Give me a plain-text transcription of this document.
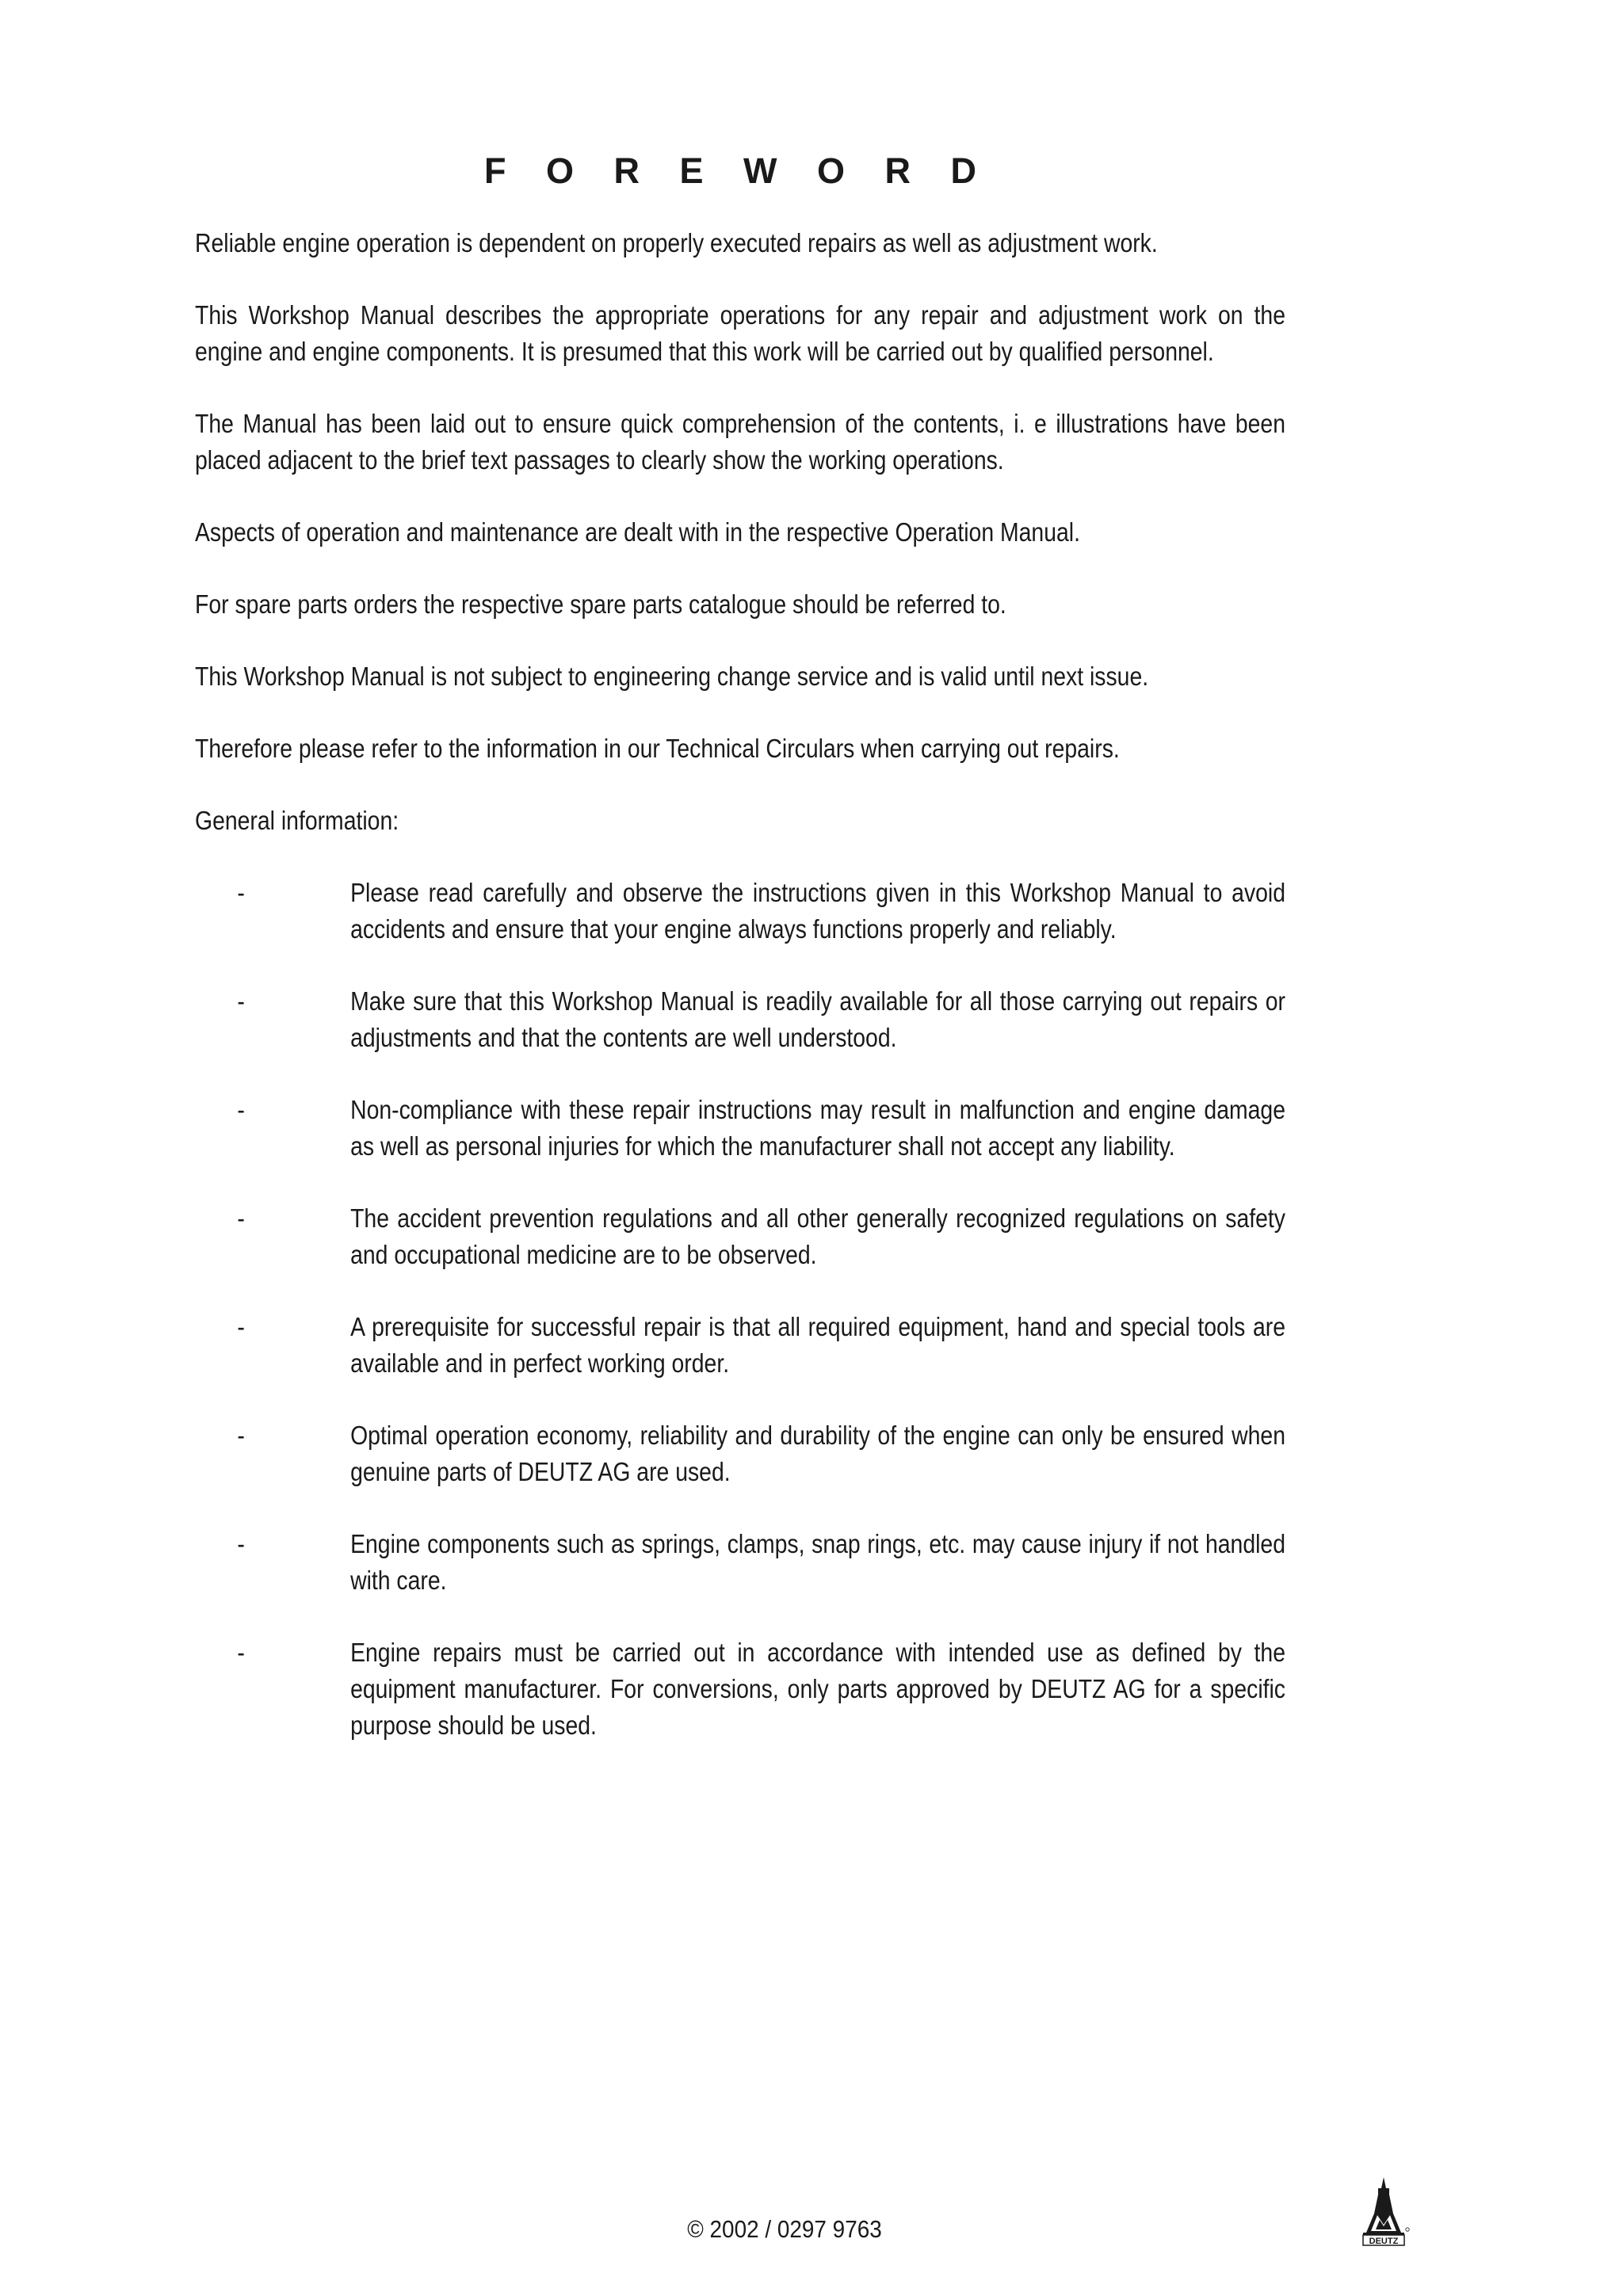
F O R E W O R D

Reliable engine operation is dependent on properly executed repairs as well as adjustment work.

This Workshop Manual describes the appropriate operations for any repair and adjustment work on the engine and engine components. It is presumed that this work will be carried out by qualified personnel.

The Manual has been laid out to ensure quick comprehension of the contents, i. e illustrations have been placed adjacent to the brief text passages to clearly show the working operations.

Aspects of operation and maintenance are dealt with in the respective Operation Manual.

For spare parts orders the respective spare parts catalogue should be referred to.

This Workshop Manual is not subject to engineering change service and is valid until next issue.

Therefore please refer to the information in our Technical Circulars when carrying out repairs.

General information:

-	Please read carefully and observe the instructions given in this Workshop Manual to avoid accidents and ensure that your engine always functions properly and reliably.
-	Make sure that this Workshop Manual is readily available for all those carrying out repairs or adjustments and that the contents are well understood.
-	Non-compliance with these repair instructions may result in malfunction and engine damage as well as personal injuries for which the manufacturer shall not accept any liability.
-	The accident prevention regulations and all other generally recognized regulations on safety and occupational medicine are to be observed.
-	A prerequisite for successful repair is that all required equipment, hand and special tools are available and in perfect working order.
-	Optimal operation economy, reliability and durability of the engine can only be ensured when genuine parts of DEUTZ AG are used.
-	Engine components such as springs, clamps, snap rings, etc. may cause injury if not handled with care.
-	Engine repairs must be carried out in accordance with intended use as defined by the equipment manufacturer. For conversions, only parts approved by DEUTZ AG for a specific purpose should be used.
© 2002 / 0297 9763	DEUTZ
